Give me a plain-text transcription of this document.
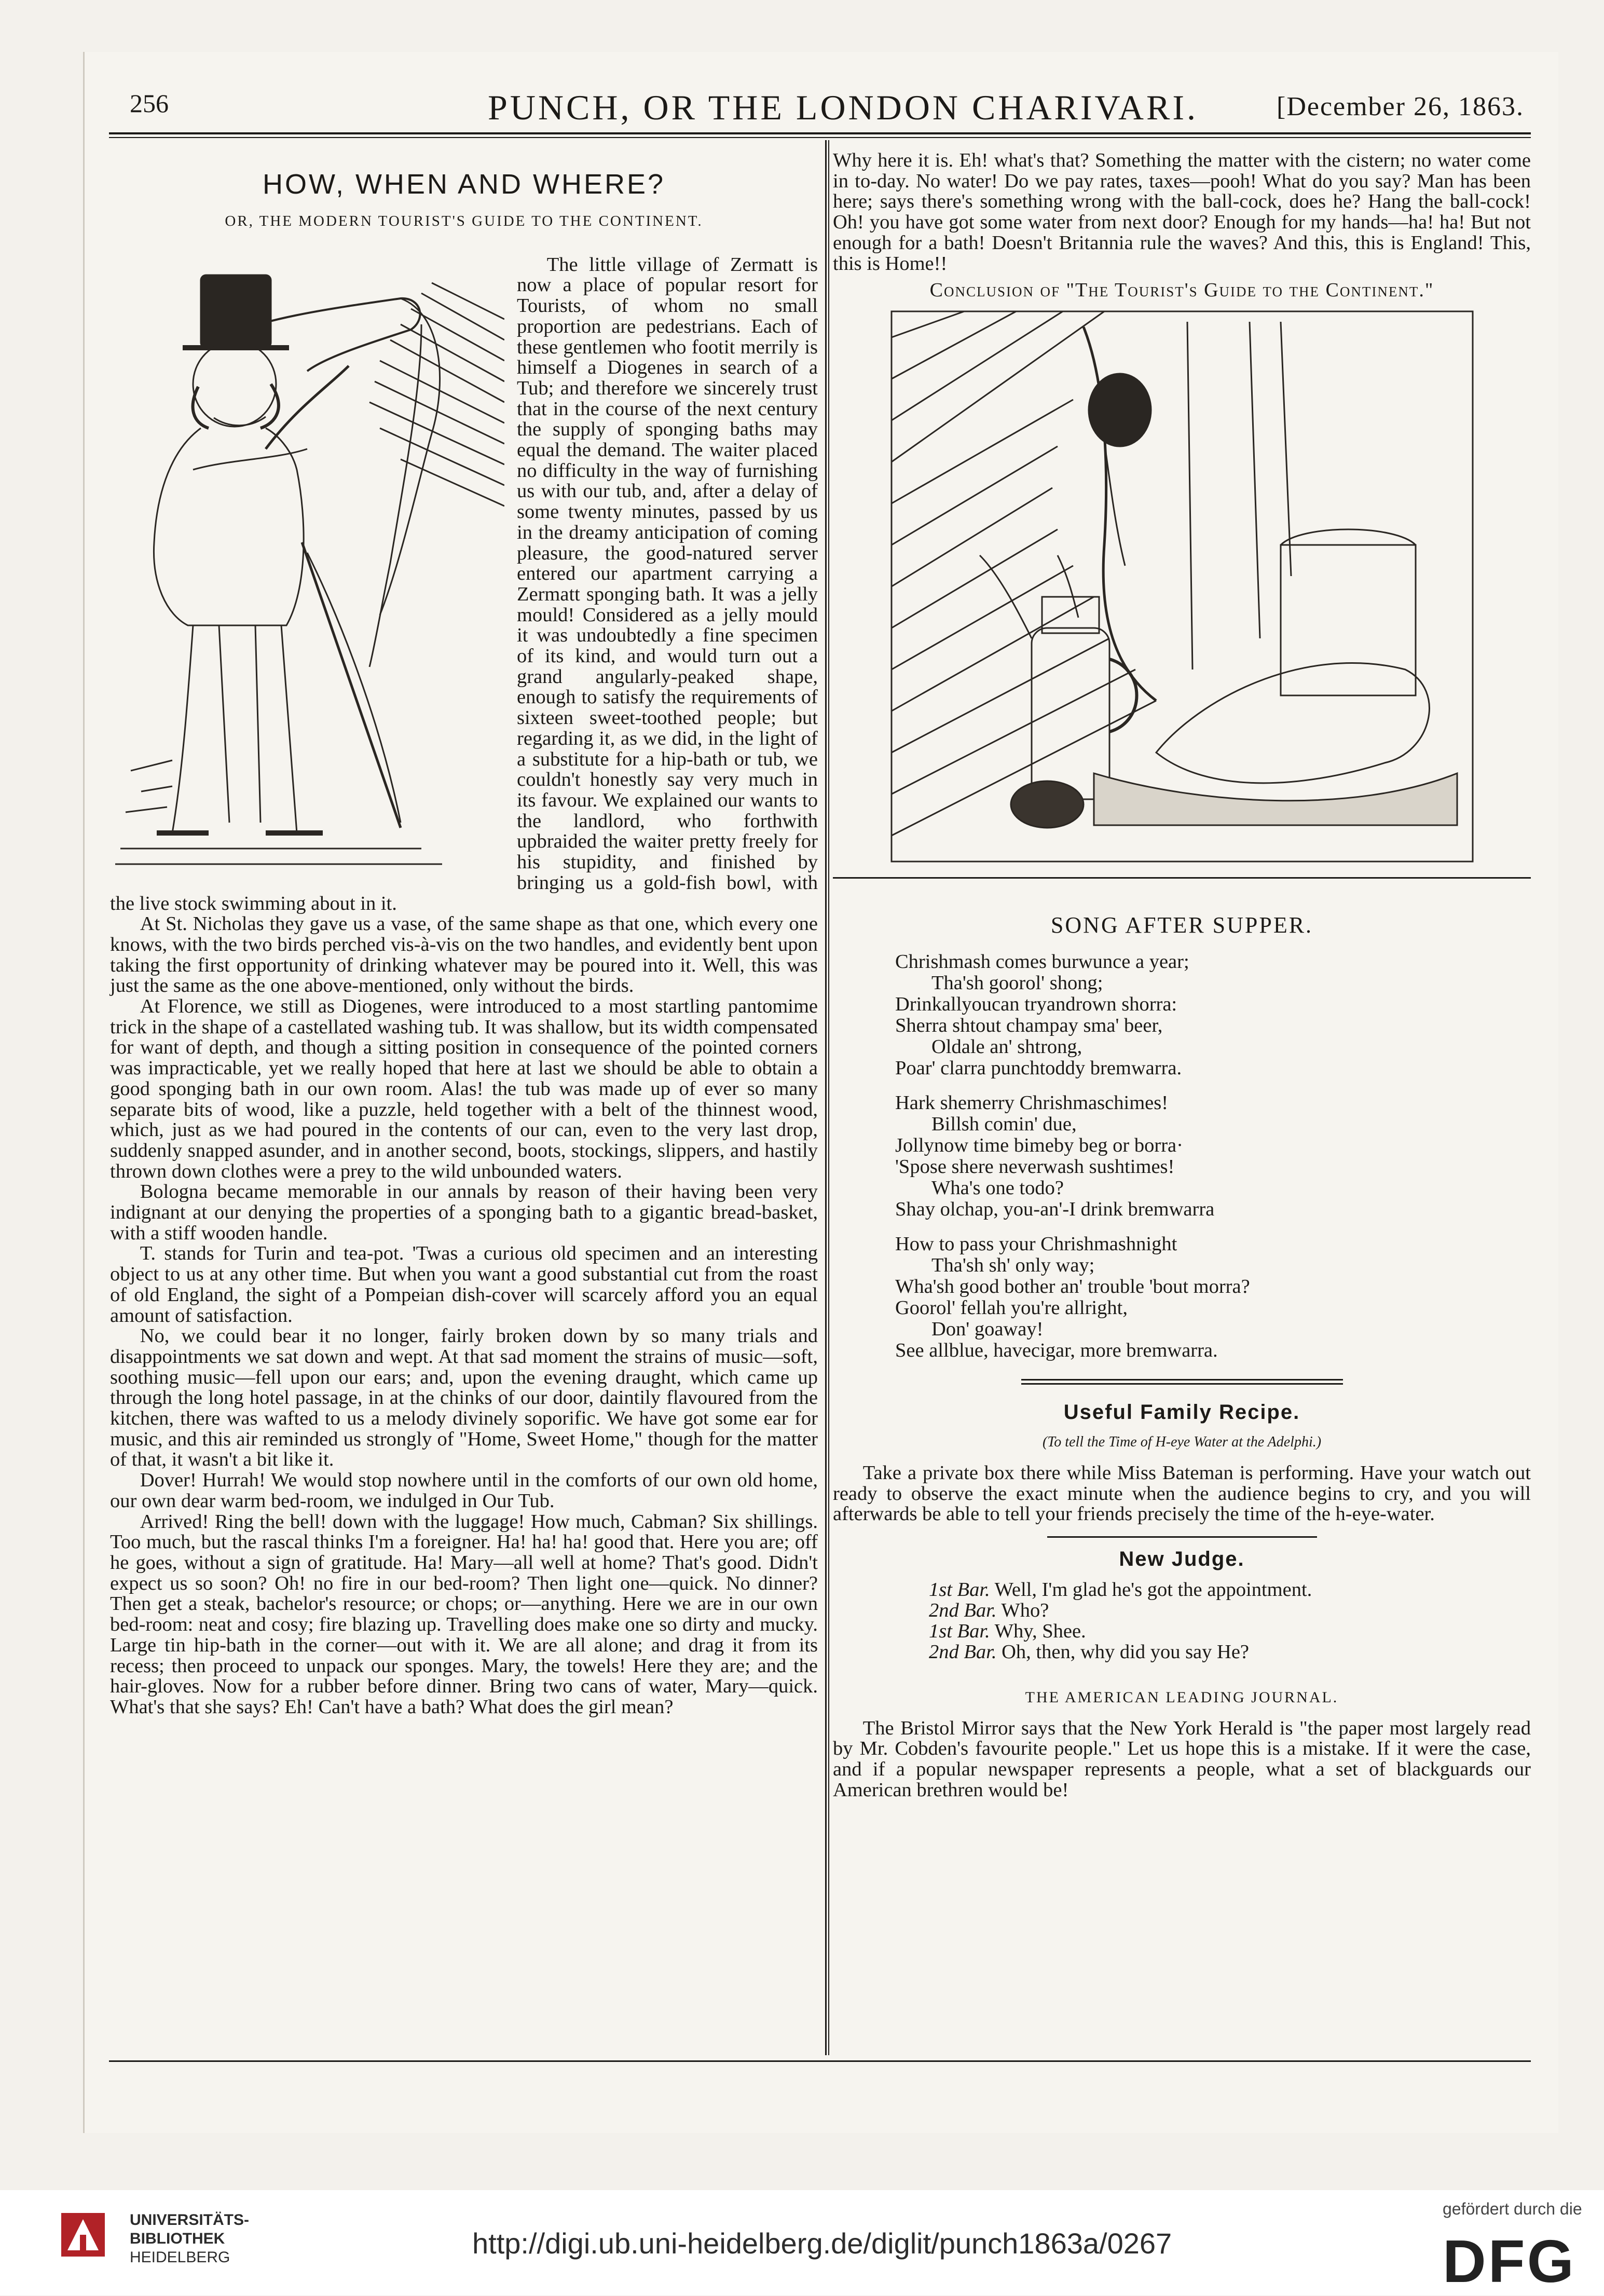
256	PUNCH, OR THE LONDON CHARIVARI.	[December 26, 1863.
HOW, WHEN AND WHERE?
OR, THE MODERN TOURIST'S GUIDE TO THE CONTINENT.

The little village of Zermatt is now a place of popular resort for Tourists, of whom no small proportion are pedestrians. Each of these gentlemen who footit merrily is himself a Diogenes in search of a Tub; and therefore we sincerely trust that in the course of the next century the supply of sponging baths may equal the demand. The waiter placed no difficulty in the way of furnishing us with our tub, and, after a delay of some twenty minutes, passed by us in the dreamy anticipation of coming pleasure, the good-natured server entered our apartment carrying a Zermatt sponging bath. It was a jelly mould! Considered as a jelly mould it was undoubtedly a fine specimen of its kind, and would turn out a grand angularly-peaked shape, enough to satisfy the requirements of sixteen sweet-toothed people; but regarding it, as we did, in the light of a substitute for a hip-bath or tub, we couldn't honestly say very much in its favour. We explained our wants to the landlord, who forthwith upbraided the waiter pretty freely for his stupidity, and finished by bringing us a gold-fish bowl, with the live stock swimming about in it.

At St. Nicholas they gave us a vase, of the same shape as that one, which every one knows, with the two birds perched vis-à-vis on the two handles, and evidently bent upon taking the first opportunity of drinking whatever may be poured into it. Well, this was just the same as the one above-mentioned, only without the birds.

At Florence, we still as Diogenes, were introduced to a most startling pantomime trick in the shape of a castellated washing tub. It was shallow, but its width compensated for want of depth, and though a sitting position in consequence of the pointed corners was impracticable, yet we really hoped that here at last we should be able to obtain a good sponging bath in our own room. Alas! the tub was made up of ever so many separate bits of wood, like a puzzle, held together with a belt of the thinnest wood, which, just as we had poured in the contents of our can, even to the very last drop, suddenly snapped asunder, and in another second, boots, stockings, slippers, and hastily thrown down clothes were a prey to the wild unbounded waters.

Bologna became memorable in our annals by reason of their having been very indignant at our denying the properties of a sponging bath to a gigantic bread-basket, with a stiff wooden handle.

T. stands for Turin and tea-pot. 'Twas a curious old specimen and an interesting object to us at any other time. But when you want a good substantial cut from the roast of old England, the sight of a Pompeian dish-cover will scarcely afford you an equal amount of satisfaction.

No, we could bear it no longer, fairly broken down by so many trials and disappointments we sat down and wept. At that sad moment the strains of music—soft, soothing music—fell upon our ears; and, upon the evening draught, which came up through the long hotel passage, in at the chinks of our door, daintily flavoured from the kitchen, there was wafted to us a melody divinely soporific. We have got some ear for music, and this air reminded us strongly of "Home, Sweet Home," though for the matter of that, it wasn't a bit like it.

Dover! Hurrah! We would stop nowhere until in the comforts of our own old home, our own dear warm bed-room, we indulged in Our Tub.

Arrived! Ring the bell! down with the luggage! How much, Cabman? Six shillings. Too much, but the rascal thinks I'm a foreigner. Ha! ha! ha! good that. Here you are; off he goes, without a sign of gratitude. Ha! Mary—all well at home? That's good. Didn't expect us so soon? Oh! no fire in our bed-room? Then light one—quick. No dinner? Then get a steak, bachelor's resource; or chops; or—anything. Here we are in our own bed-room: neat and cosy; fire blazing up. Travelling does make one so dirty and mucky. Large tin hip-bath in the corner—out with it. We are all alone; and drag it from its recess; then proceed to unpack our sponges. Mary, the towels! Here they are; and the hair-gloves. Now for a rubber before dinner. Bring two cans of water, Mary—quick. What's that she says? Eh! Can't have a bath? What does the girl mean?

Why here it is. Eh! what's that? Something the matter with the cistern; no water come in to-day. No water! Do we pay rates, taxes—pooh! What do you say? Man has been here; says there's something wrong with the ball-cock, does he? Hang the ball-cock! Oh! you have got some water from next door? Enough for my hands—ha! ha! But not enough for a bath! Doesn't Britannia rule the waves? And this, this is England! This, this is Home!!

Conclusion of "The Tourist's Guide to the Continent."
SONG AFTER SUPPER.
Chrishmash comes burwunce a year;
Tha'sh goorol' shong;
Drinkallyoucan tryandrown shorra:
Sherra shtout champay sma' beer,
Oldale an' shtrong,
Poar' clarra punchtoddy bremwarra.
Hark shemerry Chrishmaschimes!
Billsh comin' due,
Jollynow time bimeby beg or borra·
'Spose shere neverwash sushtimes!
Wha's one todo?
Shay olchap, you-an'-I drink bremwarra
How to pass your Chrishmashnight
Tha'sh sh' only way;
Wha'sh good bother an' trouble 'bout morra?
Goorol' fellah you're allright,
Don' goaway!
See allblue, havecigar, more bremwarra.
Useful Family Recipe.
(To tell the Time of H-eye Water at the Adelphi.)

Take a private box there while Miss Bateman is performing. Have your watch out ready to observe the exact minute when the audience begins to cry, and you will afterwards be able to tell your friends precisely the time of the h-eye-water.

New Judge.
1st Bar. Well, I'm glad he's got the appointment.
2nd Bar. Who?
1st Bar. Why, Shee.
2nd Bar. Oh, then, why did you say He?
THE AMERICAN LEADING JOURNAL.

The Bristol Mirror says that the New York Herald is "the paper most largely read by Mr. Cobden's favourite people." Let us hope this is a mistake. If it were the case, and if a popular newspaper represents a people, what a set of blackguards our American brethren would be!

UNIVERSITÄTS-
BIBLIOTHEK
HEIDELBERG	http://digi.ub.uni-heidelberg.de/diglit/punch1863a/0267
gefördert durch die
DFG
